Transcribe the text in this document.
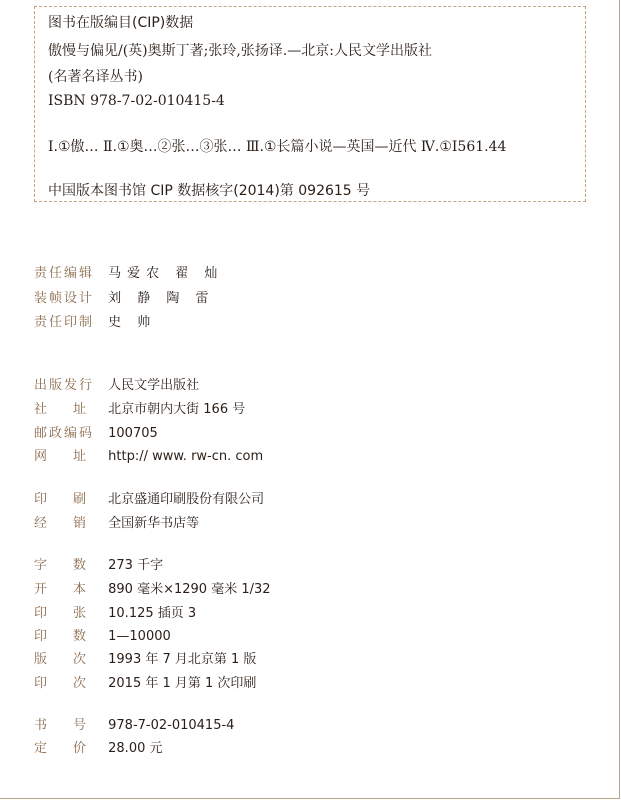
图书在版编目(CIP)数据
傲慢与偏见/(英)奥斯丁著;张玲,张扬译.—北京:人民文学出版社
(名著名译丛书)
ISBN 978-7-02-010415-4
Ⅰ.①傲… Ⅱ.①奥…②张…③张… Ⅲ.①长篇小说—英国—近代 Ⅳ.①I561.44
中国版本图书馆 CIP 数据核字(2014)第 092615 号
责任编辑 马爱农 翟 灿
装帧设计 刘 静 陶 雷
责任印制 史 帅
出版发行 人民文学出版社
社址 北京市朝内大街 166 号
邮政编码 100705
网址 http:// www. rw-cn. com
印刷 北京盛通印刷股份有限公司
经销 全国新华书店等
字数 273 千字
开本 890 毫米×1290 毫米 1/32
印张 10.125 插页 3
印数 1—10000
版次 1993 年 7 月北京第 1 版
印次 2015 年 1 月第 1 次印刷
书号 978-7-02-010415-4
定价 28.00 元
